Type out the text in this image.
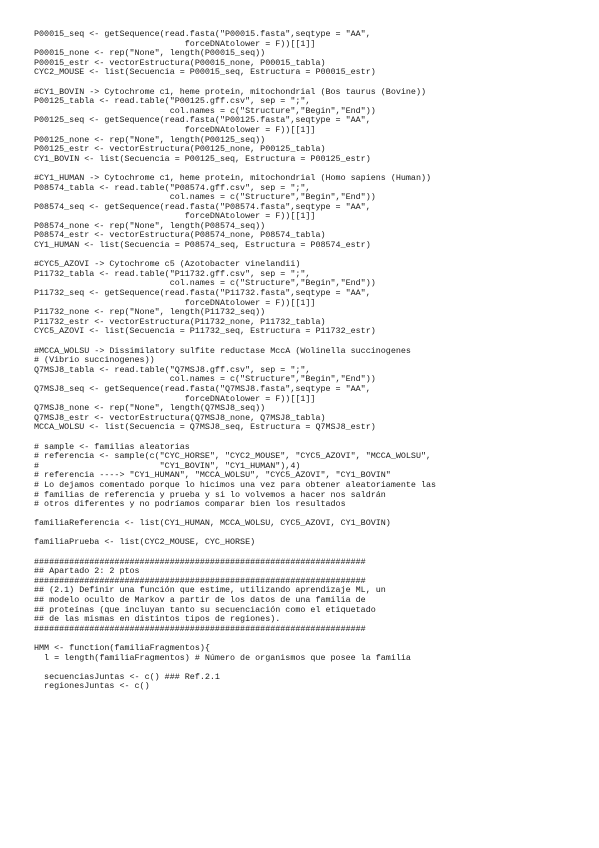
P00015_seq <- getSequence(read.fasta("P00015.fasta",seqtype = "AA",
forceDNAtolower = F))[[1]]
P00015_none <- rep("None", length(P00015_seq))
P00015_estr <- vectorEstructura(P00015_none, P00015_tabla)
CYC2_MOUSE <- list(Secuencia = P00015_seq, Estructura = P00015_estr)
#CY1_BOVIN -> Cytochrome c1, heme protein, mitochondrial (Bos taurus (Bovine))
P00125_tabla <- read.table("P00125.gff.csv", sep = ";",
col.names = c("Structure","Begin","End"))
P00125_seq <- getSequence(read.fasta("P00125.fasta",seqtype = "AA",
forceDNAtolower = F))[[1]]
P00125_none <- rep("None", length(P00125_seq))
P00125_estr <- vectorEstructura(P00125_none, P00125_tabla)
CY1_BOVIN <- list(Secuencia = P00125_seq, Estructura = P00125_estr)
#CY1_HUMAN -> Cytochrome c1, heme protein, mitochondrial (Homo sapiens (Human))
P08574_tabla <- read.table("P08574.gff.csv", sep = ";",
col.names = c("Structure","Begin","End"))
P08574_seq <- getSequence(read.fasta("P08574.fasta",seqtype = "AA",
forceDNAtolower = F))[[1]]
P08574_none <- rep("None", length(P08574_seq))
P08574_estr <- vectorEstructura(P08574_none, P08574_tabla)
CY1_HUMAN <- list(Secuencia = P08574_seq, Estructura = P08574_estr)
#CYC5_AZOVI -> Cytochrome c5 (Azotobacter vinelandii)
P11732_tabla <- read.table("P11732.gff.csv", sep = ";",
col.names = c("Structure","Begin","End"))
P11732_seq <- getSequence(read.fasta("P11732.fasta",seqtype = "AA",
forceDNAtolower = F))[[1]]
P11732_none <- rep("None", length(P11732_seq))
P11732_estr <- vectorEstructura(P11732_none, P11732_tabla)
CYC5_AZOVI <- list(Secuencia = P11732_seq, Estructura = P11732_estr)
#MCCA_WOLSU -> Dissimilatory sulfite reductase MccA (Wolinella succinogenes
# (Vibrio succinogenes))
Q7MSJ8_tabla <- read.table("Q7MSJ8.gff.csv", sep = ";",
col.names = c("Structure","Begin","End"))
Q7MSJ8_seq <- getSequence(read.fasta("Q7MSJ8.fasta",seqtype = "AA",
forceDNAtolower = F))[[1]]
Q7MSJ8_none <- rep("None", length(Q7MSJ8_seq))
Q7MSJ8_estr <- vectorEstructura(Q7MSJ8_none, Q7MSJ8_tabla)
MCCA_WOLSU <- list(Secuencia = Q7MSJ8_seq, Estructura = Q7MSJ8_estr)
# sample <- familias aleatorias
# referencia <- sample(c("CYC_HORSE", "CYC2_MOUSE", "CYC5_AZOVI", "MCCA_WOLSU",
#                        "CY1_BOVIN", "CY1_HUMAN"),4)
# referencia ----> "CY1_HUMAN", "MCCA_WOLSU", "CYC5_AZOVI", "CY1_BOVIN"
# Lo dejamos comentado porque lo hicimos una vez para obtener aleatoriamente las
# familias de referencia y prueba y si lo volvemos a hacer nos saldrán
# otros diferentes y no podríamos comparar bien los resultados
familiaReferencia <- list(CY1_HUMAN, MCCA_WOLSU, CYC5_AZOVI, CY1_BOVIN)
familiaPrueba <- list(CYC2_MOUSE, CYC_HORSE)
##################################################################
## Apartado 2: 2 ptos
##################################################################
## (2.1) Definir una función que estime, utilizando aprendizaje ML, un
## modelo oculto de Markov a partir de los datos de una familia de
## proteínas (que incluyan tanto su secuenciación como el etiquetado
## de las mismas en distintos tipos de regiones).
##################################################################
HMM <- function(familiaFragmentos){
l = length(familiaFragmentos) # Número de organismos que posee la familia
secuenciasJuntas <- c() ### Ref.2.1
regionesJuntas <- c()
